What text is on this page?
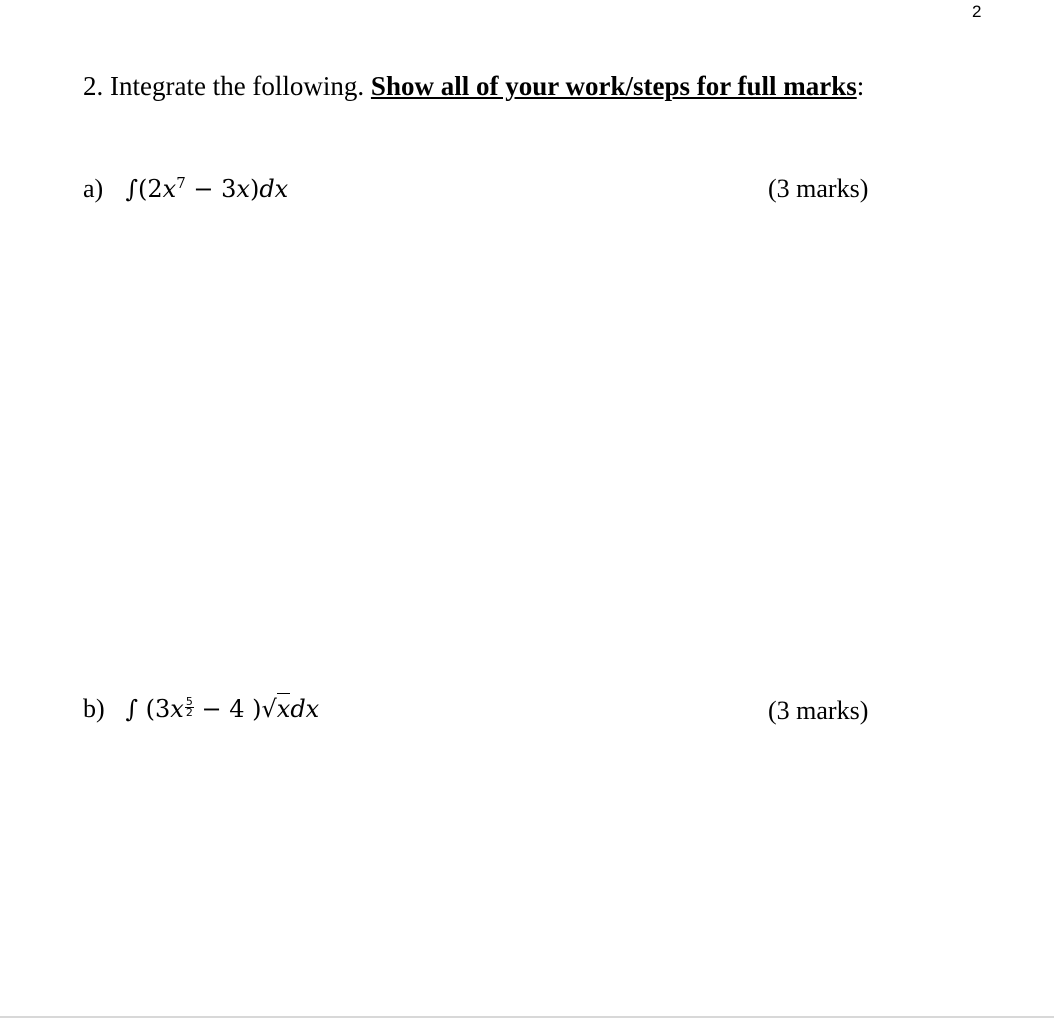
2
2. Integrate the following. Show all of your work/steps for full marks:
a) $\int(2x^7 - 3x)dx$	(3 marks)
b) ∫ ($3x \frac{5}{2} - 4$ )√xdx	(3 marks)
